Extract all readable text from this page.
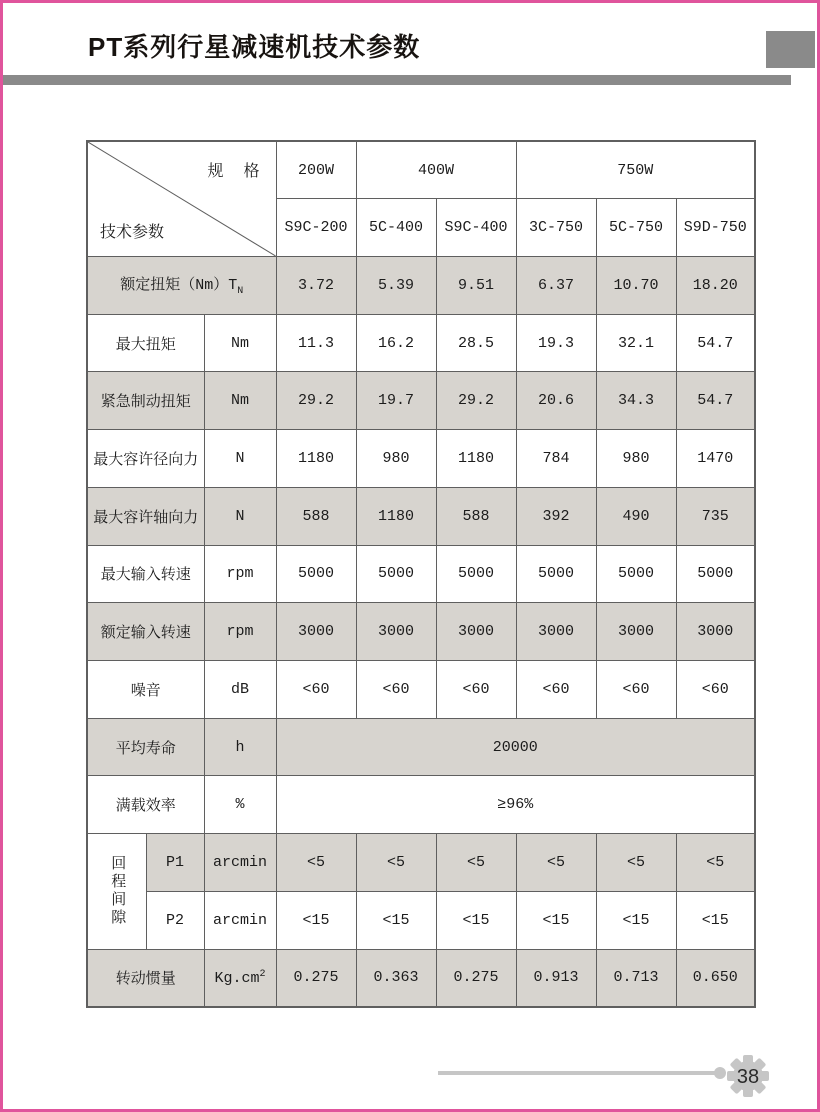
PT系列行星减速机技术参数
规　格
技术参数			200W	400W		750W		
			S9C-200	5C-400	S9C-400	3C-750	5C-750	S9D-750
额定扭矩$(Nm)T_N$			3.72	5.39	9.51	6.37	10.70	18.20
最大扭矩		Nm	11.3	16.2	28.5	19.3	32.1	54.7
紧急制动扭矩		Nm	29.2	19.7	29.2	20.6	34.3	54.7
最大容许径向力		N	1180	980	1180	784	980	1470
最大容许轴向力		N	588	1180	588	392	490	735
最大输入转速		rpm	5000	5000	5000	5000	5000	5000
额定输入转速		rpm	3000	3000	3000	3000	3000	3000
噪音		dB	<60	<60	<60	<60	<60	<60
平均寿命		h	20000					
满载效率		%	≥96%					
回程间隙	P1	arcmin	<5	<5	<5	<5	<5	<5
	P2	arcmin	<15	<15	<15	<15	<15	<15
转动惯量		$Kg.cm^2$	0.275	0.363	0.275	0.913	0.713	0.650
38
